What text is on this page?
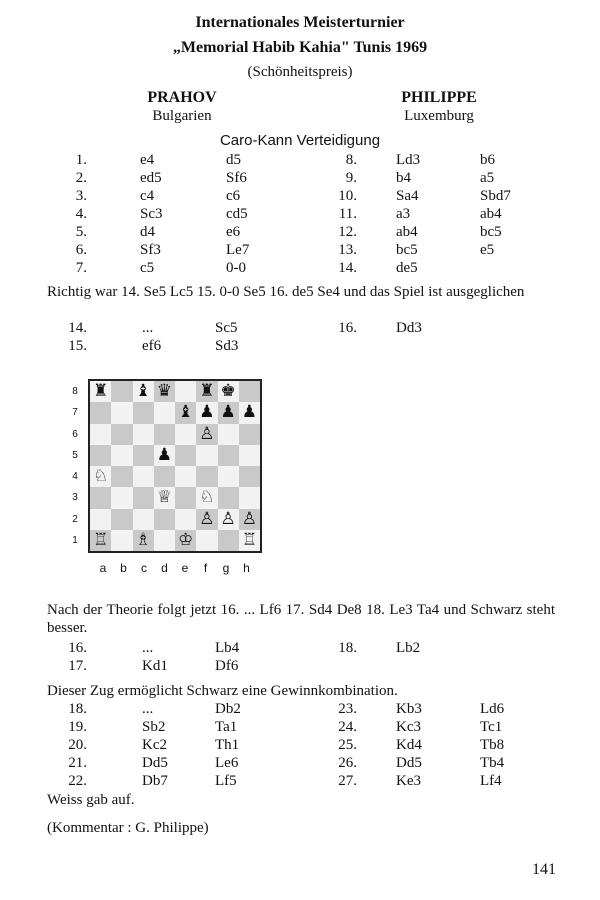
Internationales Meisterturnier
„Memorial Habib Kahia" Tunis 1969
(Schönheitspreis)
PRAHOV
Bulgarien
PHILIPPE
Luxemburg
Caro-Kann Verteidigung
1.	e4	d5
2.	ed5	Sf6
3.	c4	c6
4.	Sc3	cd5
5.	d4	e6
6.	Sf3	Le7
7.	c5	0-0
8.	Ld3	b6
9.	b4	a5
10.	Sa4	Sbd7
11.	a3	ab4
12.	ab4	bc5
13.	bc5	e5
14.	de5
14.	...	Sc5
15.	ef6	Sd3
16.	Dd3
16.	...	Lb4
17.	Kd1	Df6
18.	Lb2
18.	...	Db2
19.	Sb2	Ta1
20.	Kc2	Th1
21.	Dd5	Le6
22.	Db7	Lf5
23.	Kb3	Ld6
24.	Kc3	Tc1
25.	Kd4	Tb8
26.	Dd5	Tb4
27.	Ke3	Lf4
Richtig war 14. Se5 Lc5 15. 0-0 Se5 16. de5 Se4 und das Spiel ist ausgeglichen
Nach der Theorie folgt jetzt 16. ... Lf6 17. Sd4 De8 18. Le3 Ta4 und Schwarz steht besser.
Dieser Zug ermöglicht Schwarz eine Gewinnkombination.
Weiss gab auf.
(Kommentar : G. Philippe)
8
7
6
5
4
3
2
1
♜ ♝ ♛ ♜ ♚
♝ ♟ ♟ ♟
♙
♟
♘
♕ ♘
♙ ♙ ♙
♖ ♗ ♔	♖
a	b	c	d	e	f	g	h
141
